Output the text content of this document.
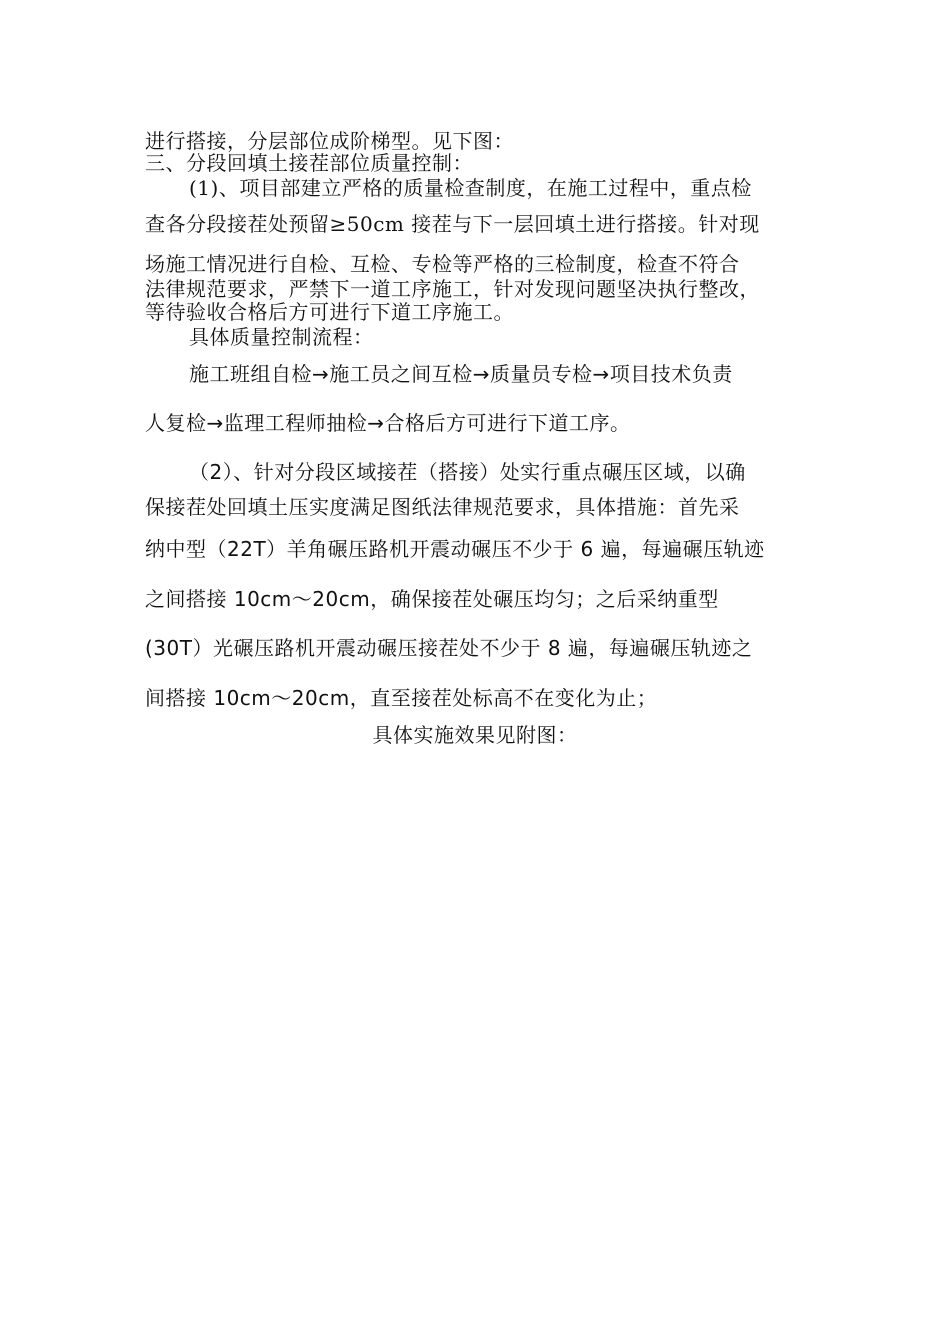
进行搭接，分层部位成阶梯型。见下图：
三、分段回填土接茬部位质量控制：
(1)、项目部建立严格的质量检查制度，在施工过程中，重点检
查各分段接茬处预留≥50cm 接茬与下一层回填土进行搭接。针对现
场施工情况进行自检、互检、专检等严格的三检制度，检查不符合
法律规范要求，严禁下一道工序施工，针对发现问题坚决执行整改，
等待验收合格后方可进行下道工序施工。
具体质量控制流程：
施工班组自检→施工员之间互检→质量员专检→项目技术负责
人复检→监理工程师抽检→合格后方可进行下道工序。
（2）、针对分段区域接茬（搭接）处实行重点碾压区域，以确
保接茬处回填土压实度满足图纸法律规范要求，具体措施：首先采
纳中型（22T）羊角碾压路机开震动碾压不少于 6 遍，每遍碾压轨迹
之间搭接 10cm～20cm，确保接茬处碾压均匀；之后采纳重型
(30T）光碾压路机开震动碾压接茬处不少于 8 遍，每遍碾压轨迹之
间搭接 10cm～20cm，直至接茬处标高不在变化为止；
具体实施效果见附图：
